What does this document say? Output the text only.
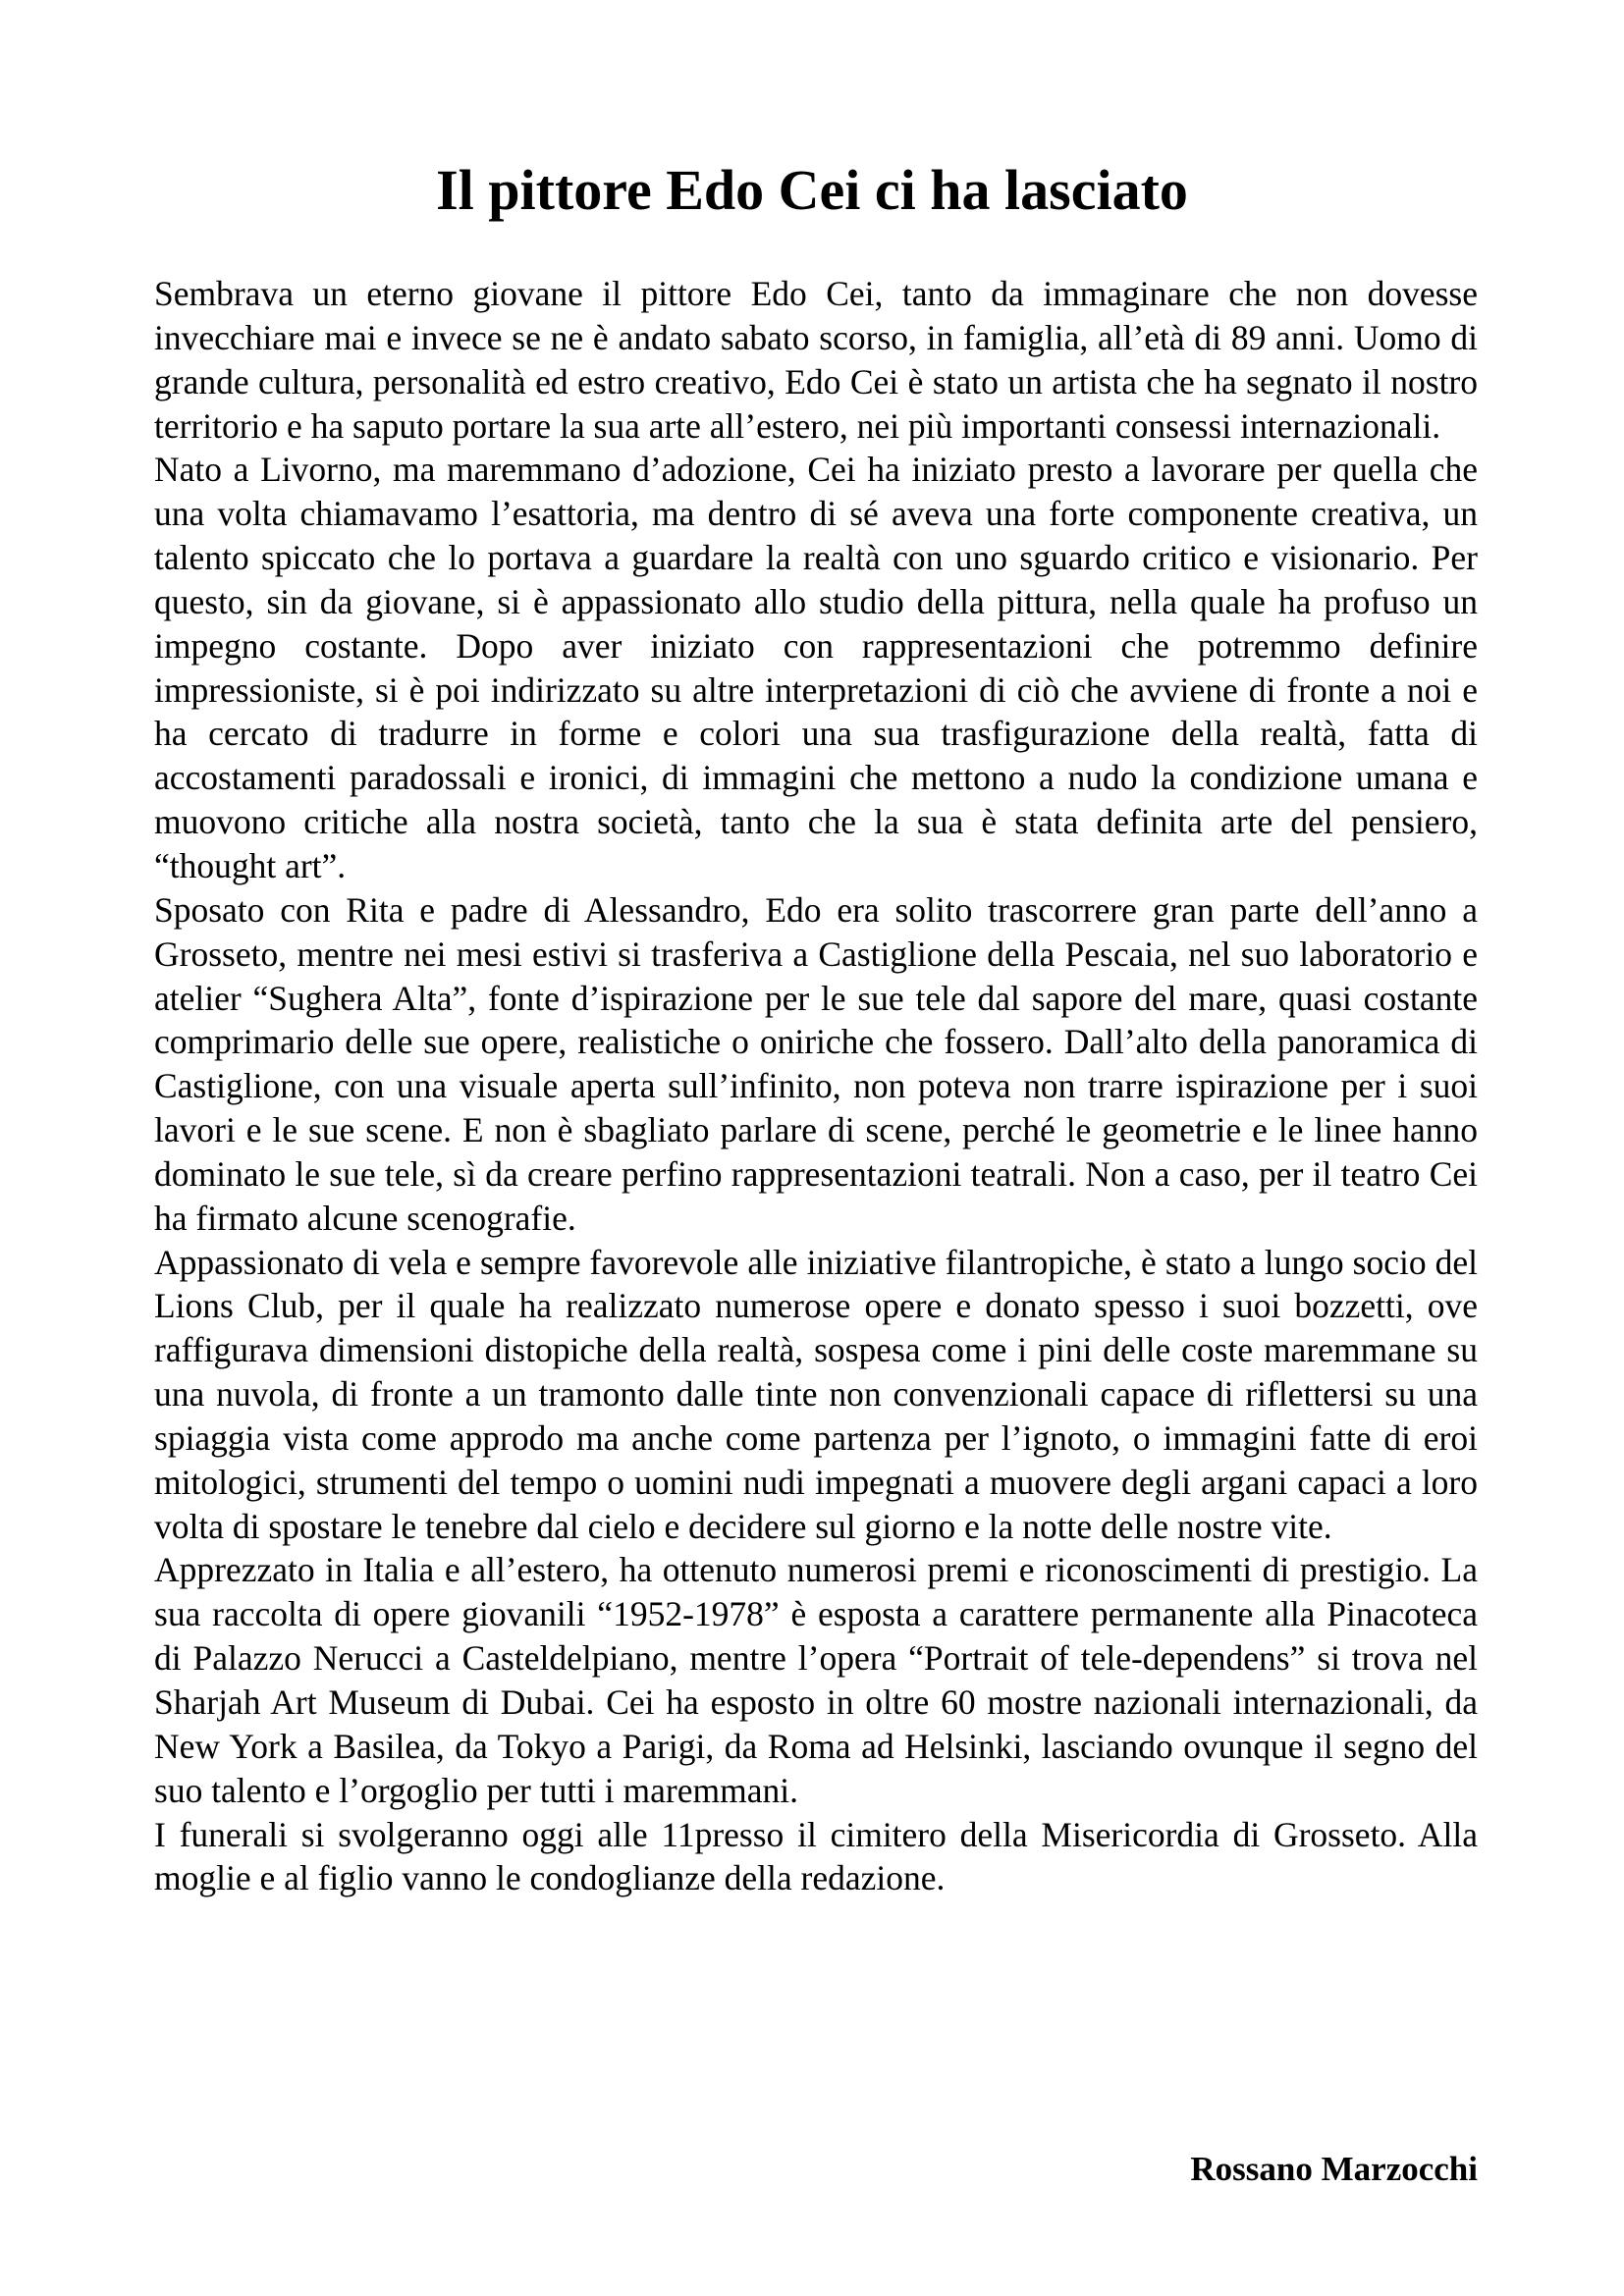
Il pittore Edo Cei ci ha lasciato

Sembrava un eterno giovane il pittore Edo Cei, tanto da immaginare che non dovesse invecchiare mai e invece se ne è andato sabato scorso, in famiglia, all’età di 89 anni. Uomo di grande cultura, personalità ed estro creativo, Edo Cei è stato un artista che ha segnato il nostro territorio e ha saputo portare la sua arte all’estero, nei più importanti consessi internazionali.

Nato a Livorno, ma maremmano d’adozione, Cei ha iniziato presto a lavorare per quella che una volta chiamavamo l’esattoria, ma dentro di sé aveva una forte componente creativa, un talento spiccato che lo portava a guardare la realtà con uno sguardo critico e visionario. Per questo, sin da giovane, si è appassionato allo studio della pittura, nella quale ha profuso un impegno costante. Dopo aver iniziato con rappresentazioni che potremmo definire impressioniste, si è poi indirizzato su altre interpretazioni di ciò che avviene di fronte a noi e ha cercato di tradurre in forme e colori una sua trasfigurazione della realtà, fatta di accostamenti paradossali e ironici, di immagini che mettono a nudo la condizione umana e muovono critiche alla nostra società, tanto che la sua è stata definita arte del pensiero, “thought art”.

Sposato con Rita e padre di Alessandro, Edo era solito trascorrere gran parte dell’anno a Grosseto, mentre nei mesi estivi si trasferiva a Castiglione della Pescaia, nel suo laboratorio e atelier “Sughera Alta”, fonte d’ispirazione per le sue tele dal sapore del mare, quasi costante comprimario delle sue opere, realistiche o oniriche che fossero. Dall’alto della panoramica di Castiglione, con una visuale aperta sull’infinito, non poteva non trarre ispirazione per i suoi lavori e le sue scene. E non è sbagliato parlare di scene, perché le geometrie e le linee hanno dominato le sue tele, sì da creare perfino rappresentazioni teatrali. Non a caso, per il teatro Cei ha firmato alcune scenografie.

Appassionato di vela e sempre favorevole alle iniziative filantropiche, è stato a lungo socio del Lions Club, per il quale ha realizzato numerose opere e donato spesso i suoi bozzetti, ove raffigurava dimensioni distopiche della realtà, sospesa come i pini delle coste maremmane su una nuvola, di fronte a un tramonto dalle tinte non convenzionali capace di riflettersi su una spiaggia vista come approdo ma anche come partenza per l’ignoto, o immagini fatte di eroi mitologici, strumenti del tempo o uomini nudi impegnati a muovere degli argani capaci a loro volta di spostare le tenebre dal cielo e decidere sul giorno e la notte delle nostre vite.

Apprezzato in Italia e all’estero, ha ottenuto numerosi premi e riconoscimenti di prestigio. La sua raccolta di opere giovanili “1952-1978” è esposta a carattere permanente alla Pinacoteca di Palazzo Nerucci a Casteldelpiano, mentre l’opera “Portrait of tele-dependens” si trova nel Sharjah Art Museum di Dubai. Cei ha esposto in oltre 60 mostre nazionali internazionali, da New York a Basilea, da Tokyo a Parigi, da Roma ad Helsinki, lasciando ovunque il segno del suo talento e l’orgoglio per tutti i maremmani.

I funerali si svolgeranno oggi alle 11presso il cimitero della Misericordia di Grosseto. Alla moglie e al figlio vanno le condoglianze della redazione.

Rossano Marzocchi
